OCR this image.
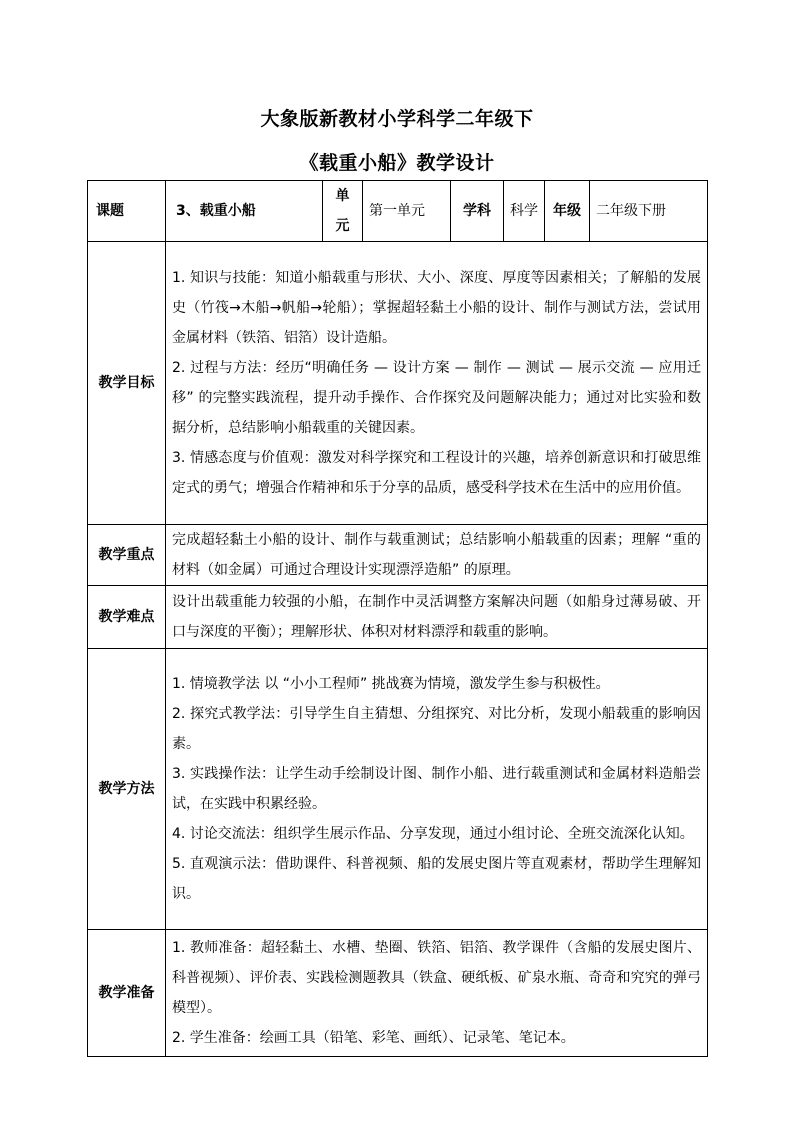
大象版新教材小学科学二年级下
《载重小船》教学设计
课题	3、载重小船	单元	第一单元	学科	科学	年级	二年级下册
教学目标	1. 知识与技能：知道小船载重与形状、大小、深度、厚度等因素相关；了解船的发展史（竹筏→木船→帆船→轮船）；掌握超轻黏土小船的设计、制作与测试方法，尝试用金属材料（铁箔、铝箔）设计造船。

2. 过程与方法：经历“明确任务 — 设计方案 — 制作 — 测试 — 展示交流 — 应用迁移” 的完整实践流程，提升动手操作、合作探究及问题解决能力；通过对比实验和数据分析，总结影响小船载重的关键因素。

3. 情感态度与价值观：激发对科学探究和工程设计的兴趣，培养创新意识和打破思维定式的勇气；增强合作精神和乐于分享的品质，感受科学技术在生活中的应用价值。						

教学重点	完成超轻黏土小船的设计、制作与载重测试；总结影响小船载重的因素；理解 “重的材料（如金属）可通过合理设计实现漂浮造船” 的原理。						

教学难点	设计出载重能力较强的小船，在制作中灵活调整方案解决问题（如船身过薄易破、开口与深度的平衡）；理解形状、体积对材料漂浮和载重的影响。						

教学方法	1. 情境教学法 以 “小小工程师” 挑战赛为情境，激发学生参与积极性。

2. 探究式教学法：引导学生自主猜想、分组探究、对比分析，发现小船载重的影响因素。

3. 实践操作法：让学生动手绘制设计图、制作小船、进行载重测试和金属材料造船尝试，在实践中积累经验。

4. 讨论交流法：组织学生展示作品、分享发现，通过小组讨论、全班交流深化认知。

5. 直观演示法：借助课件、科普视频、船的发展史图片等直观素材，帮助学生理解知识。						

教学准备	1. 教师准备：超轻黏土、水槽、垫圈、铁箔、铝箔、教学课件（含船的发展史图片、科普视频）、评价表、实践检测题教具（铁盒、硬纸板、矿泉水瓶、奇奇和究究的弹弓模型）。

2. 学生准备：绘画工具（铅笔、彩笔、画纸）、记录笔、笔记本。						
